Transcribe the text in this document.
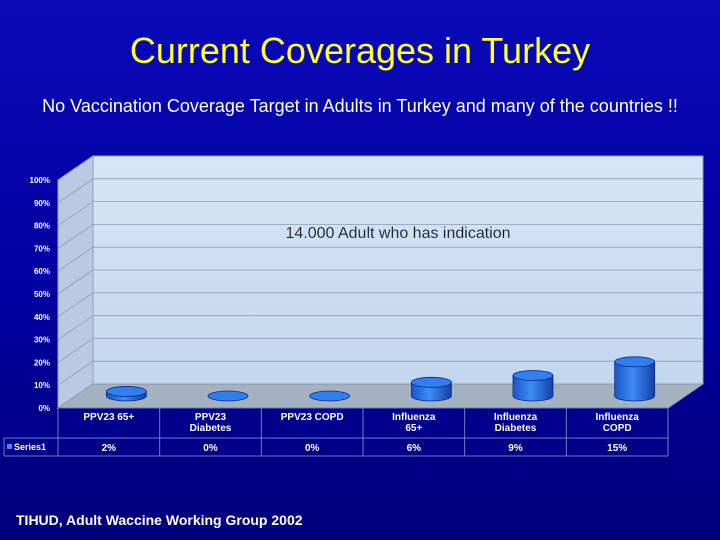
Current Coverages in Turkey
No Vaccination Coverage Target in Adults in Turkey and many of the countries !!
0%
10%
20%
30%
40%
50%
60%
70%
80%
90%
100%
14.000 Adult who has indication
PPV23 65+
2%
PPV23
Diabetes
0%
PPV23 COPD
0%
Influenza
65+
6%
Influenza
Diabetes
9%
Influenza
COPD
15%
Series1
TIHUD, Adult Waccine Working Group 2002
